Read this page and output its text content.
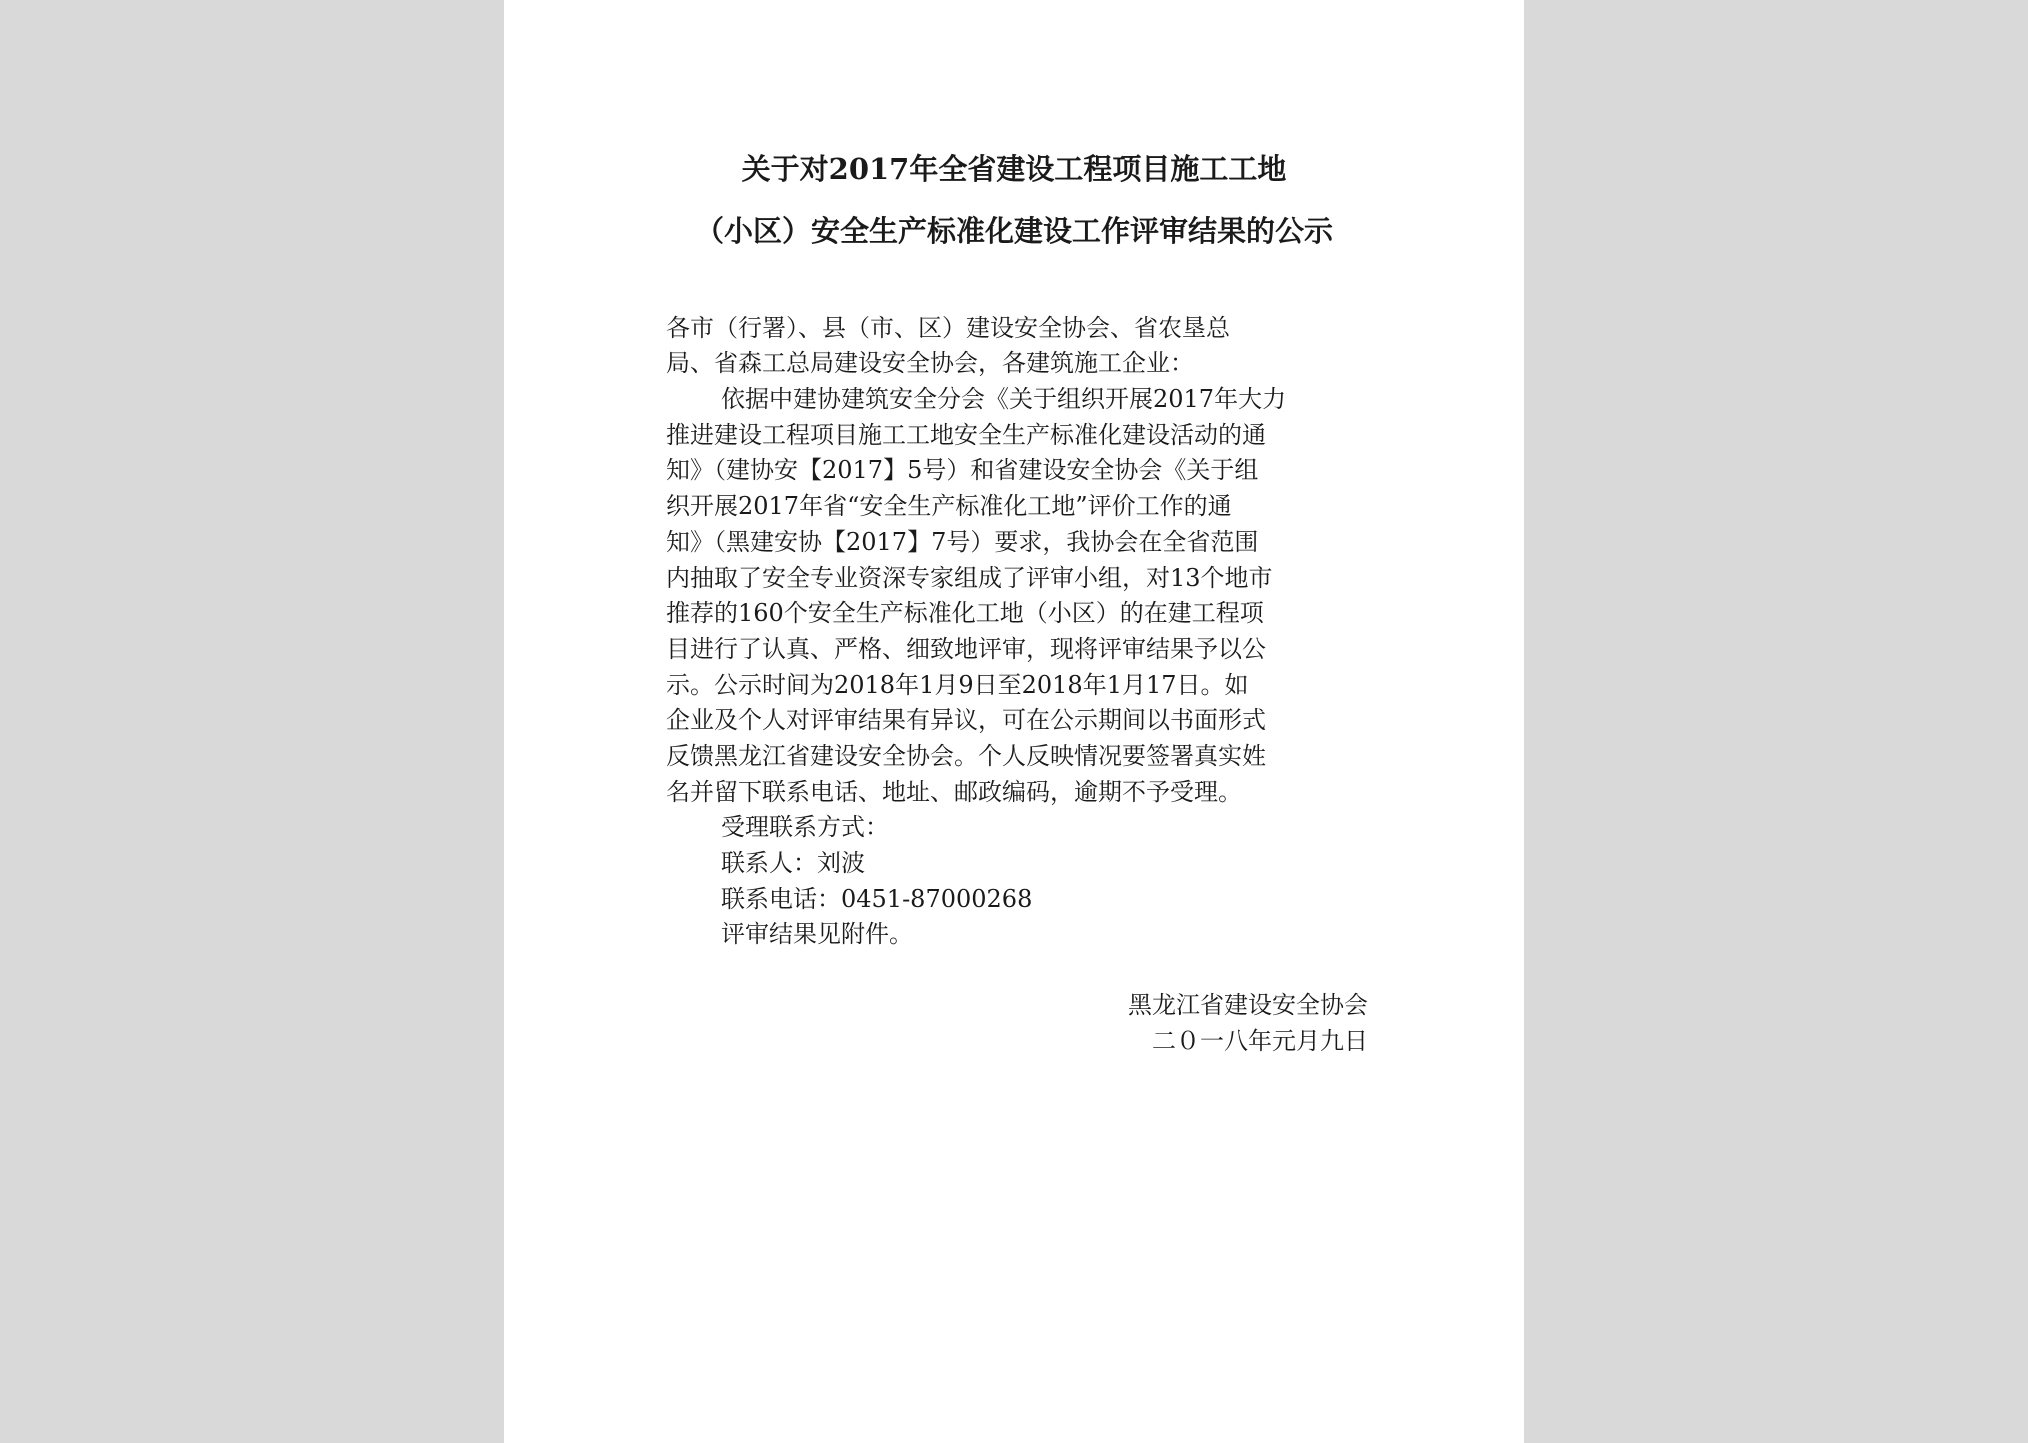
关于对2017年全省建设工程项目施工工地
（小区）安全生产标准化建设工作评审结果的公示
各市（行署）、县（市、区）建设安全协会、省农垦总
局、省森工总局建设安全协会，各建筑施工企业：
依据中建协建筑安全分会《关于组织开展2017年大力
推进建设工程项目施工工地安全生产标准化建设活动的通
知》（建协安【2017】5号）和省建设安全协会《关于组
织开展2017年省“安全生产标准化工地”评价工作的通
知》（黑建安协【2017】7号）要求，我协会在全省范围
内抽取了安全专业资深专家组成了评审小组，对13个地市
推荐的160个安全生产标准化工地（小区）的在建工程项
目进行了认真、严格、细致地评审，现将评审结果予以公
示。公示时间为2018年1月9日至2018年1月17日。如
企业及个人对评审结果有异议，可在公示期间以书面形式
反馈黑龙江省建设安全协会。个人反映情况要签署真实姓
名并留下联系电话、地址、邮政编码，逾期不予受理。
受理联系方式：
联系人：刘波
联系电话：0451-87000268
评审结果见附件。
黑龙江省建设安全协会
二０一八年元月九日
